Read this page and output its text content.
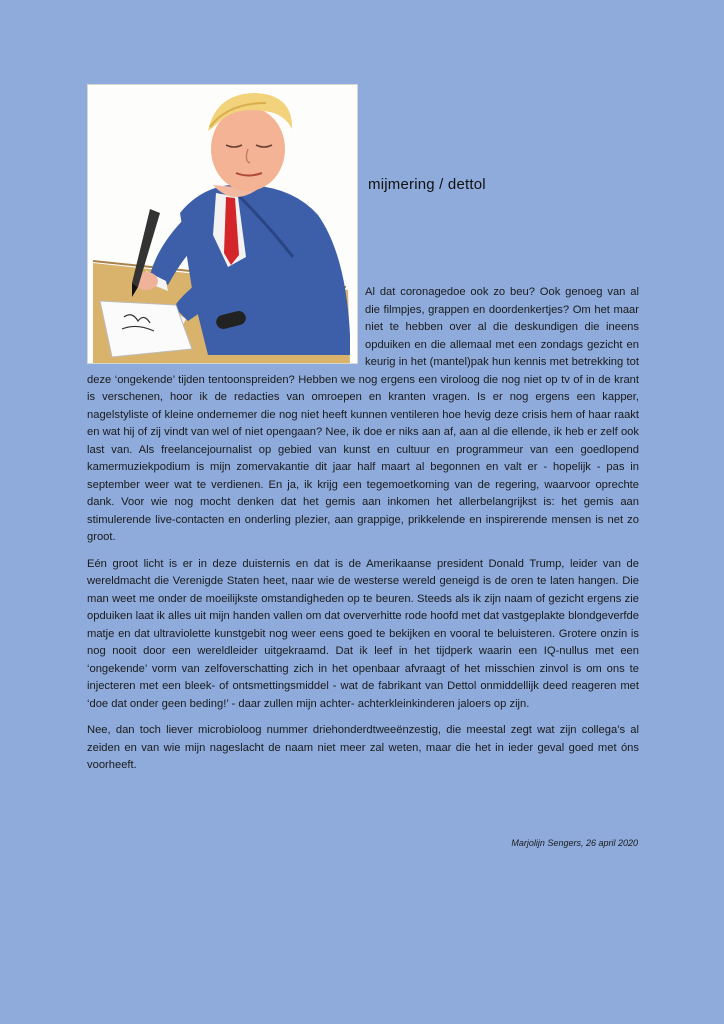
mijmering / dettol

Al dat coronagedoe ook zo beu? Ook genoeg van al die filmpjes, grappen en doordenkertjes? Om het maar niet te hebben over al die deskundigen die ineens opduiken en die allemaal met een zondags gezicht en keurig in het (mantel)pak hun kennis met betrekking tot deze ‘ongekende’ tijden tentoonspreiden? Hebben we nog ergens een viroloog die nog niet op tv of in de krant is verschenen, hoor ik de redacties van omroepen en kranten vragen. Is er nog ergens een kapper, nagelstyliste of kleine ondernemer die nog niet heeft kunnen ventileren hoe hevig deze crisis hem of haar raakt en wat hij of zij vindt van wel of niet opengaan? Nee, ik doe er niks aan af, aan al die ellende, ik heb er zelf ook last van. Als freelancejournalist op gebied van kunst en cultuur en programmeur van een goedlopend kamermuziekpodium is mijn zomervakantie dit jaar half maart al begonnen en valt er - hopelijk - pas in september weer wat te verdienen. En ja, ik krijg een tegemoetkoming van de regering, waarvoor oprechte dank. Voor wie nog mocht denken dat het gemis aan inkomen het allerbelangrijkst is: het gemis aan stimulerende live-contacten en onderling plezier, aan grappige, prikkelende en inspirerende mensen is net zo groot.

Eén groot licht is er in deze duisternis en dat is de Amerikaanse president Donald Trump, leider van de wereldmacht die Verenigde Staten heet, naar wie de westerse wereld geneigd is de oren te laten hangen. Die man weet me onder de moeilijkste omstandigheden op te beuren. Steeds als ik zijn naam of gezicht ergens zie opduiken laat ik alles uit mijn handen vallen om dat oververhitte rode hoofd met dat vastgeplakte blondgeverfde matje en dat ultraviolette kunstgebit nog weer eens goed te bekijken en vooral te beluisteren. Grotere onzin is nog nooit door een wereldleider uitgekraamd. Dat ik leef in het tijdperk waarin een IQ-nullus met een ‘ongekende’ vorm van zelfoverschatting zich in het openbaar afvraagt of het misschien zinvol is om ons te injecteren met een bleek- of ontsmettingsmiddel - wat de fabrikant van Dettol onmiddellijk deed reageren met ‘doe dat onder geen beding!’ - daar zullen mijn achter- achterkleinkinderen jaloers op zijn.

Nee, dan toch liever microbioloog nummer driehonderdtweeënzestig, die meestal zegt wat zijn collega’s al zeiden en van wie mijn nageslacht de naam niet meer zal weten, maar die het in ieder geval goed met óns voorheeft.

Marjolijn Sengers, 26 april 2020
